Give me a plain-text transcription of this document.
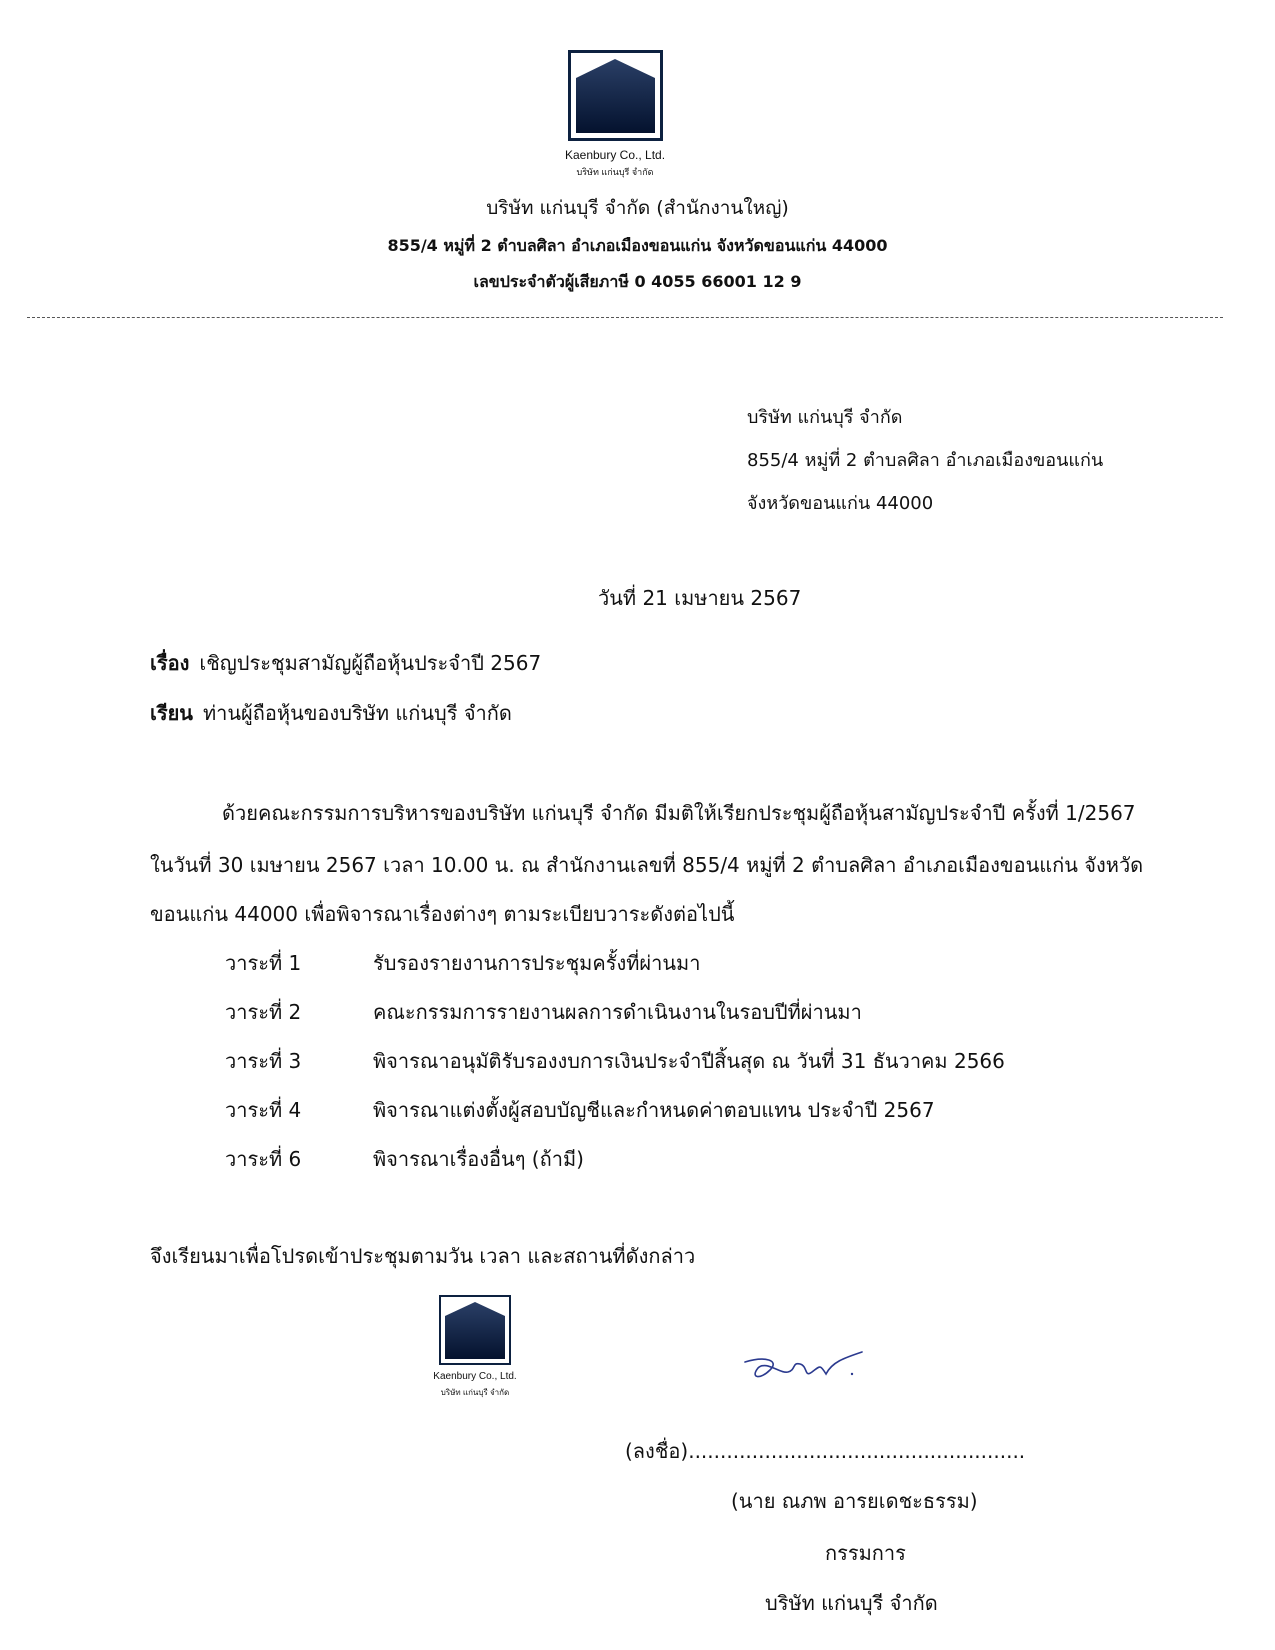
Kaenbury Co., Ltd.
บริษัท แก่นบุรี จำกัด
บริษัท แก่นบุรี จำกัด (สำนักงานใหญ่)
855/4 หมู่ที่ 2 ตำบลศิลา อำเภอเมืองขอนแก่น จังหวัดขอนแก่น 44000
เลขประจำตัวผู้เสียภาษี 0 4055 66001 12 9
บริษัท แก่นบุรี จำกัด
855/4 หมู่ที่ 2 ตำบลศิลา อำเภอเมืองขอนแก่น
จังหวัดขอนแก่น 44000
วันที่ 21 เมษายน 2567
เรื่อง เชิญประชุมสามัญผู้ถือหุ้นประจำปี 2567
เรียน ท่านผู้ถือหุ้นของบริษัท แก่นบุรี จำกัด
ด้วยคณะกรรมการบริหารของบริษัท แก่นบุรี จำกัด มีมติให้เรียกประชุมผู้ถือหุ้นสามัญประจำปี ครั้งที่ 1/2567
ในวันที่ 30 เมษายน 2567 เวลา 10.00 น. ณ สำนักงานเลขที่ 855/4 หมู่ที่ 2 ตำบลศิลา อำเภอเมืองขอนแก่น จังหวัด
ขอนแก่น 44000 เพื่อพิจารณาเรื่องต่างๆ ตามระเบียบวาระดังต่อไปนี้
วาระที่ 1	รับรองรายงานการประชุมครั้งที่ผ่านมา
วาระที่ 2	คณะกรรมการรายงานผลการดำเนินงานในรอบปีที่ผ่านมา
วาระที่ 3	พิจารณาอนุมัติรับรองงบการเงินประจำปีสิ้นสุด ณ วันที่ 31 ธันวาคม 2566
วาระที่ 4	พิจารณาแต่งตั้งผู้สอบบัญชีและกำหนดค่าตอบแทน ประจำปี 2567
วาระที่ 6	พิจารณาเรื่องอื่นๆ (ถ้ามี)
จึงเรียนมาเพื่อโปรดเข้าประชุมตามวัน เวลา และสถานที่ดังกล่าว
Kaenbury Co., Ltd.
บริษัท แก่นบุรี จำกัด
(ลงชื่อ).....................................................
(นาย ณภพ อารยเดชะธรรม)
กรรมการ
บริษัท แก่นบุรี จำกัด
